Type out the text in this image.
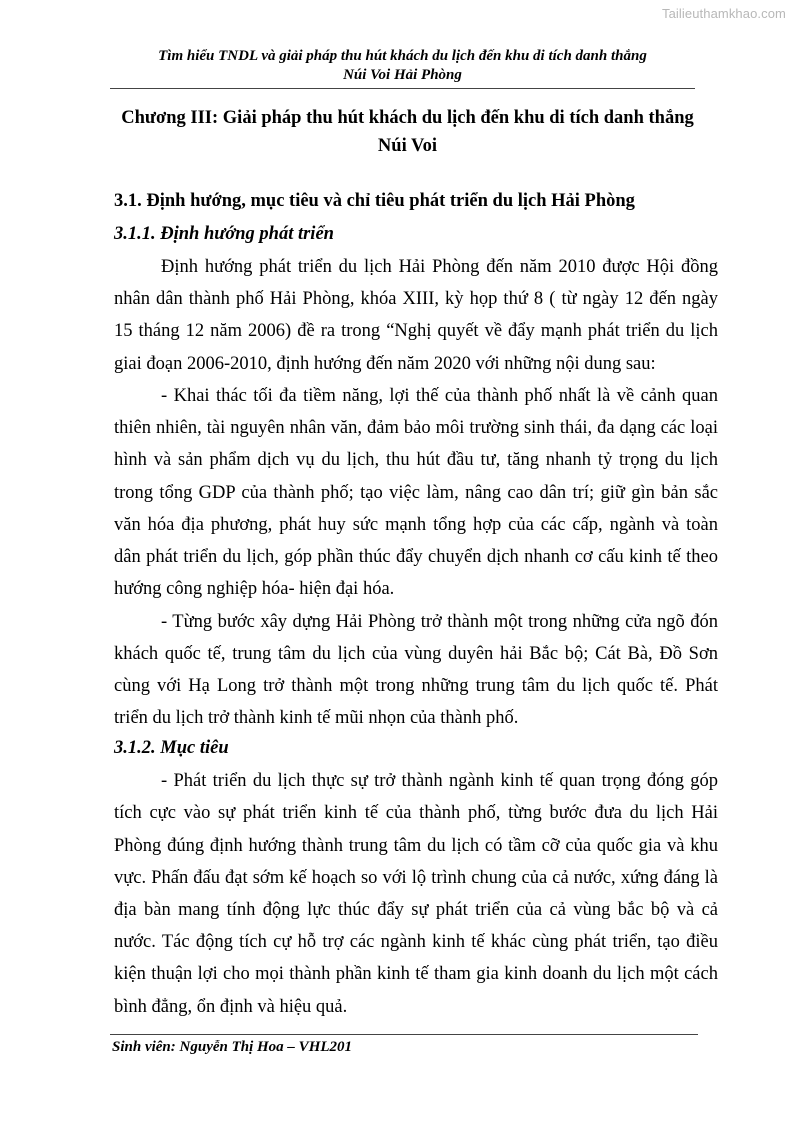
Tailieuthamkhao.com
Tìm hiểu TNDL và giải pháp thu hút khách du lịch đến khu di tích danh thắng
Núi Voi Hải Phòng
Chương III: Giải pháp thu hút khách du lịch đến khu di tích danh thắng
Núi Voi
3.1. Định hướng, mục tiêu và chỉ tiêu phát triển du lịch Hải Phòng
3.1.1. Định hướng phát triển
Định hướng phát triển du lịch Hải Phòng đến năm 2010 được Hội đồng
nhân dân thành phố Hải Phòng, khóa XIII, kỳ họp thứ 8 ( từ ngày 12 đến ngày
15 tháng 12 năm 2006) đề ra trong “Nghị quyết về đẩy mạnh phát triển du lịch
giai đoạn 2006-2010, định hướng đến năm 2020 với những nội dung sau:
- Khai thác tối đa tiềm năng, lợi thế của thành phố nhất là về cảnh quan
thiên nhiên, tài nguyên nhân văn, đảm bảo môi trường sinh thái, đa dạng các loại
hình và sản phẩm dịch vụ du lịch, thu hút đầu tư, tăng nhanh tỷ trọng du lịch
trong tổng GDP của thành phố; tạo việc làm, nâng cao dân trí; giữ gìn bản sắc
văn hóa địa phương, phát huy sức mạnh tổng hợp của các cấp, ngành và toàn
dân phát triển du lịch, góp phần thúc đẩy chuyển dịch nhanh cơ cấu kinh tế theo
hướng công nghiệp hóa- hiện đại hóa.
- Từng bước xây dựng Hải Phòng trở thành một trong những cửa ngõ đón
khách quốc tế, trung tâm du lịch của vùng duyên hải Bắc bộ; Cát Bà, Đồ Sơn
cùng với Hạ Long trở thành một trong những trung tâm du lịch quốc tế. Phát
triển du lịch trở thành kinh tế mũi nhọn của thành phố.
3.1.2. Mục tiêu
- Phát triển du lịch thực sự trở thành ngành kinh tế quan trọng đóng góp
tích cực vào sự phát triển kinh tế của thành phố, từng bước đưa du lịch Hải
Phòng đúng định hướng thành trung tâm du lịch có tầm cỡ của quốc gia và khu
vực. Phấn đấu đạt sớm kế hoạch so với lộ trình chung của cả nước, xứng đáng là
địa bàn mang tính động lực thúc đẩy sự phát triển của cả vùng bắc bộ và cả
nước. Tác động tích cự hỗ trợ các ngành kinh tế khác cùng phát triển, tạo điều
kiện thuận lợi cho mọi thành phần kinh tế tham gia kinh doanh du lịch một cách
bình đẳng, ổn định và hiệu quả.
Sinh viên: Nguyễn Thị Hoa – VHL201
